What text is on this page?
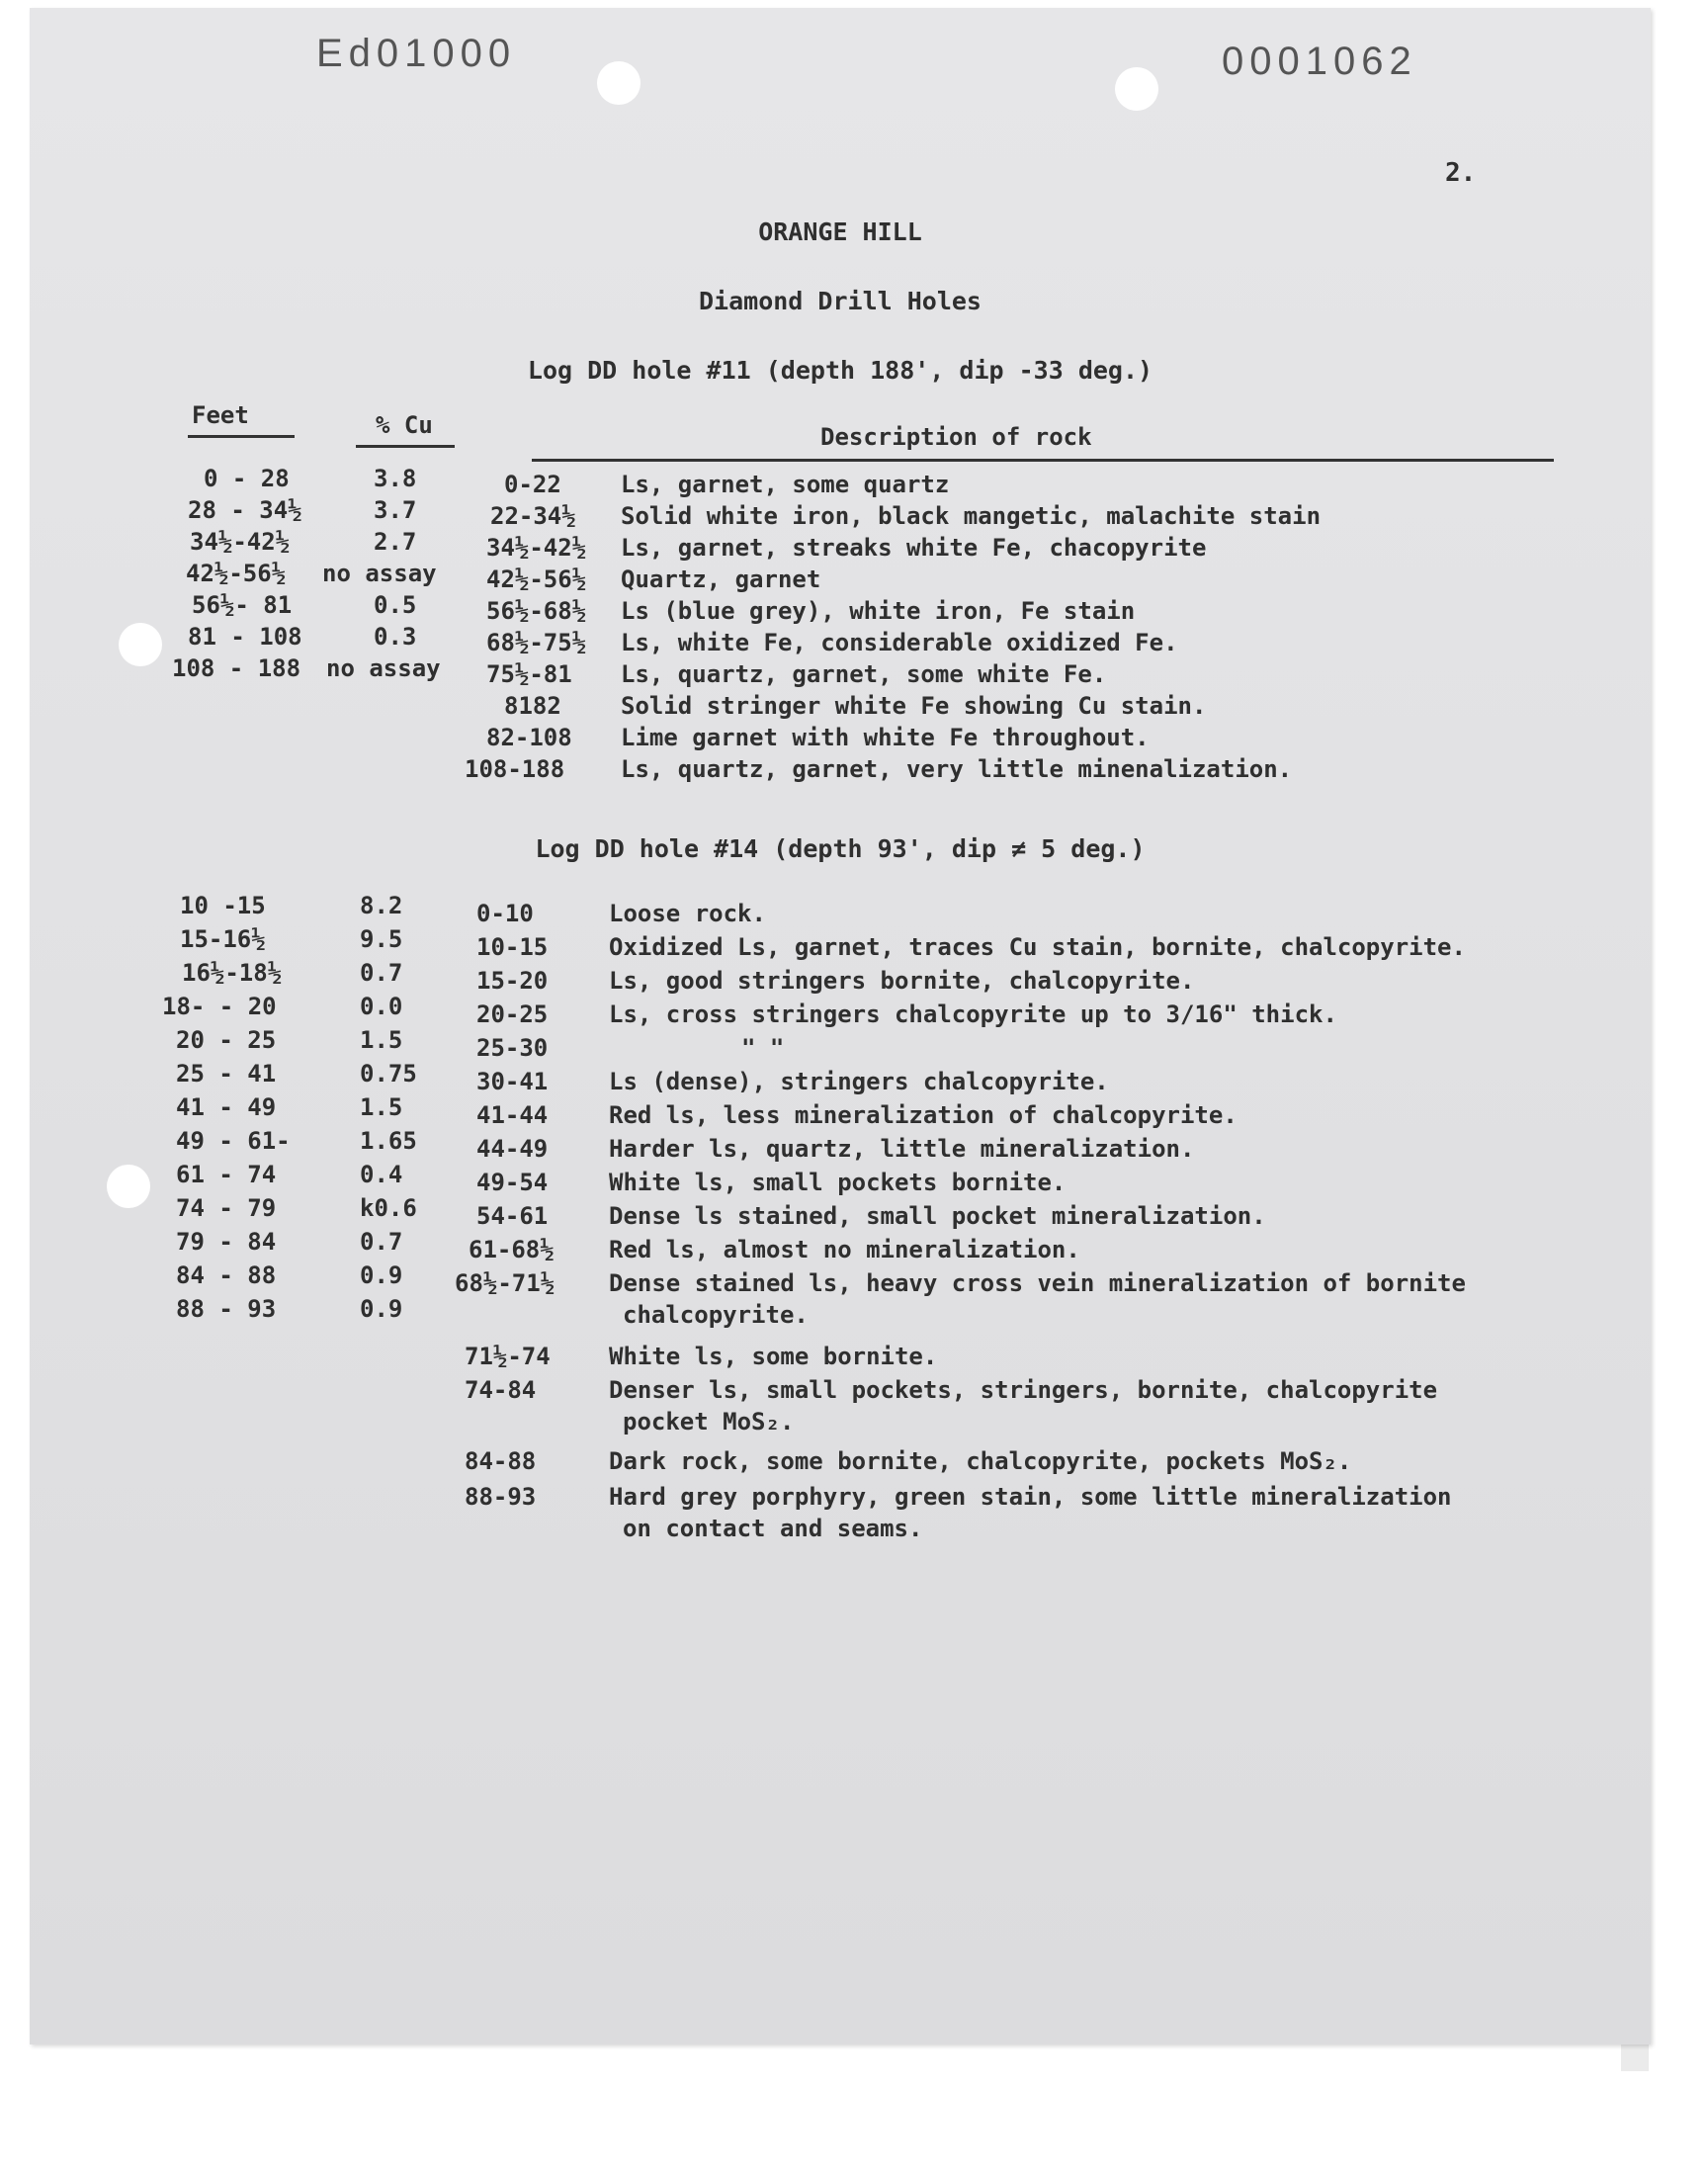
Ed01000	0001062
2.
ORANGE HILL
Diamond Drill Holes
Log DD hole #11 (depth 188', dip -33 deg.)
Feet	% Cu	Description of rock
0 - 28	3.8
28 - 34½	3.7
34½-42½	2.7
42½-56½ no assay
56½- 81	0.5
81 - 108	0.3
108 - 188 no assay
0-22	Ls, garnet, some quartz
22-34½ Solid white iron, black mangetic, malachite stain
34½-42½ Ls, garnet, streaks white Fe, chacopyrite
42½-56½ Quartz, garnet
56½-68½ Ls (blue grey), white iron, Fe stain
68½-75½ Ls, white Fe, considerable oxidized Fe.
75½-81 Ls, quartz, garnet, some white Fe.
8182	Solid stringer white Fe showing Cu stain.
82-108 Lime garnet with white Fe throughout.
108-188 Ls, quartz, garnet, very little minenalization.
Log DD hole #14 (depth 93', dip ≠ 5 deg.)
10 -15	8.2
15-16½	9.5
16½-18½	0.7
18- - 20	0.0
20 - 25	1.5
25 - 41	0.75
41 - 49	1.5
49 - 61-	1.65
61 - 74	0.4
74 - 79	k0.6
79 - 84	0.7
84 - 88	0.9
88 - 93	0.9
0-10	Loose rock.
10-15	Oxidized Ls, garnet, traces Cu stain, bornite, chalcopyrite.
15-20	Ls, good stringers bornite, chalcopyrite.
20-25	Ls, cross stringers chalcopyrite up to 3/16" thick.
25-30	" "
30-41	Ls (dense), stringers chalcopyrite.
41-44	Red ls, less mineralization of chalcopyrite.
44-49	Harder ls, quartz, little mineralization.
49-54	White ls, small pockets bornite.
54-61	Dense ls stained, small pocket mineralization.
61-68½ Red ls, almost no mineralization.
68½-71½ Dense stained ls, heavy cross vein mineralization of bornite
chalcopyrite.
71½-74 White ls, some bornite.
74-84	Denser ls, small pockets, stringers, bornite, chalcopyrite
pocket MoS₂.
84-88	Dark rock, some bornite, chalcopyrite, pockets MoS₂.
88-93	Hard grey porphyry, green stain, some little mineralization
on contact and seams.
